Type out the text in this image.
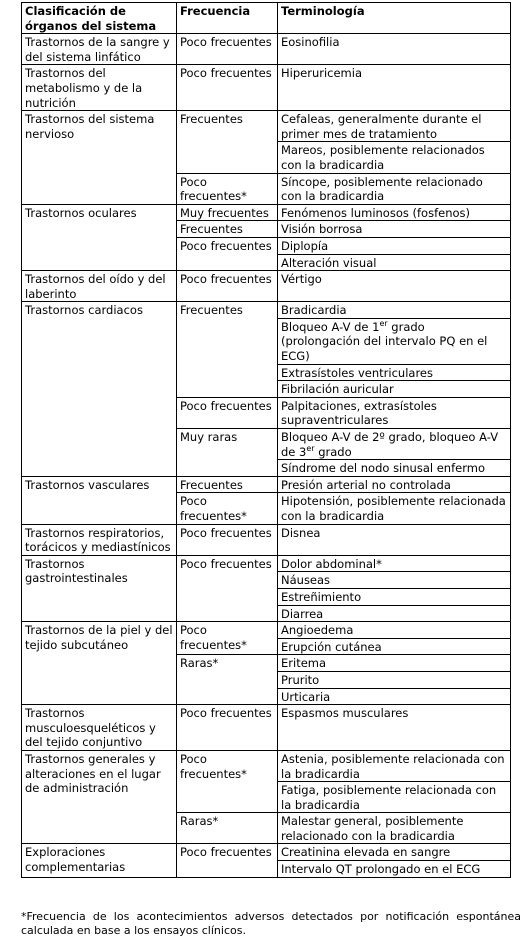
Clasificación de órganos del sistema	Frecuencia	Terminología
Trastornos de la sangre y del sistema linfático	Poco frecuentes	Eosinofilia
Trastornos del metabolismo y de la nutrición	Poco frecuentes	Hiperuricemia
Trastornos del sistema nervioso	Frecuentes	Cefaleas, generalmente durante el primer mes de tratamiento
		Mareos, posiblemente relacionados con la bradicardia
	Poco frecuentes*	Síncope, posiblemente relacionado con la bradicardia
Trastornos oculares	Muy frecuentes	Fenómenos luminosos (fosfenos)
	Frecuentes	Visión borrosa
	Poco frecuentes	Diplopía
		Alteración visual
Trastornos del oído y del laberinto	Poco frecuentes	Vértigo
Trastornos cardiacos	Frecuentes	Bradicardia
		Bloqueo A-V de 1er grado (prolongación del intervalo PQ en el ECG)
		Extrasístoles ventriculares
		Fibrilación auricular
	Poco frecuentes	Palpitaciones, extrasístoles supraventriculares
	Muy raras	Bloqueo A-V de 2º grado, bloqueo A-V de 3er grado
		Síndrome del nodo sinusal enfermo
Trastornos vasculares	Frecuentes	Presión arterial no controlada
	Poco frecuentes*	Hipotensión, posiblemente relacionada con la bradicardia
Trastornos respiratorios, torácicos y mediastínicos	Poco frecuentes	Disnea
Trastornos gastrointestinales	Poco frecuentes	Dolor abdominal*
		Náuseas
		Estreñimiento
		Diarrea
Trastornos de la piel y del tejido subcutáneo	Poco frecuentes*	Angioedema
		Erupción cutánea
	Raras*	Eritema
		Prurito
		Urticaria
Trastornos musculoesqueléticos y del tejido conjuntivo	Poco frecuentes	Espasmos musculares
Trastornos generales y alteraciones en el lugar de administración	Poco frecuentes*	Astenia, posiblemente relacionada con la bradicardia
		Fatiga, posiblemente relacionada con la bradicardia
	Raras*	Malestar general, posiblemente relacionado con la bradicardia
Exploraciones complementarias	Poco frecuentes	Creatinina elevada en sangre
		Intervalo QT prolongado en el ECG
*Frecuencia de los acontecimientos adversos detectados por notificación espontánea calculada en base a los ensayos clínicos.
